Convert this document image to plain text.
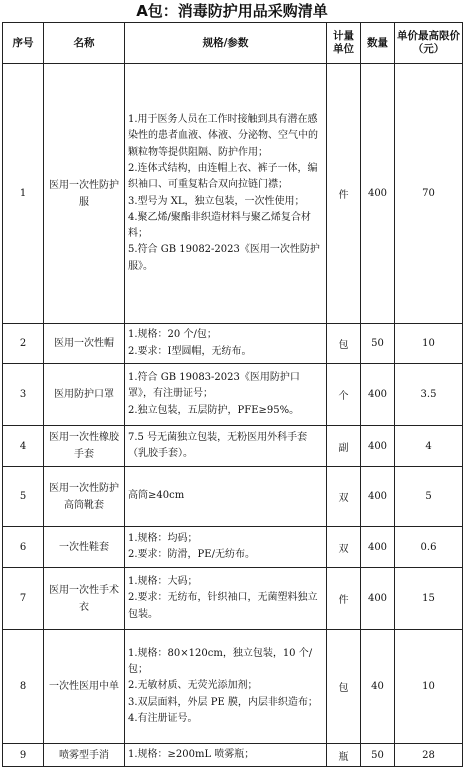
A包：消毒防护用品采购清单
序号	名称	规格/参数	计量单位	数量	单价最高限价（元）
1	医用一次性防护服	1.用于医务人员在工作时接触到具有潜在感染性的患者血液、体液、分泌物、空气中的颗粒物等提供阻隔、防护作用；
2.连体式结构，由连帽上衣、裤子一体，编织袖口、可重复粘合双向拉链门襟；
3.型号为 XL，独立包装，一次性使用；
4.聚乙烯/聚酯非织造材料与聚乙烯复合材料；
5.符合 GB 19082-2023《医用一次性防护服》。	件	400	70
2	医用一次性帽	1.规格：20 个/包；
2.要求：Ⅰ型圆帽，无纺布。	包	50	10
3	医用防护口罩	1.符合 GB 19083-2023《医用防护口罩》，有注册证号；
2.独立包装，五层防护，PFE≥95%。	个	400	3.5
4	医用一次性橡胶手套	7.5 号无菌独立包装，无粉医用外科手套（乳胶手套）。	副	400	4
5	医用一次性防护高筒靴套	高筒≥40cm	双	400	5
6	一次性鞋套	1.规格：均码；
2.要求：防滑，PE/无纺布。	双	400	0.6
7	医用一次性手术衣	1.规格：大码；
2.要求：无纺布，针织袖口，无菌塑料独立包装。	件	400	15
8	一次性医用中单	1.规格：80×120cm，独立包装，10 个/包；
2.无敏材质、无荧光添加剂；
3.双层面料，外层 PE 膜，内层非织造布；
4.有注册证号。	包	40	10
9	喷雾型手消	1.规格：≥200mL 喷雾瓶；	瓶	50	28
